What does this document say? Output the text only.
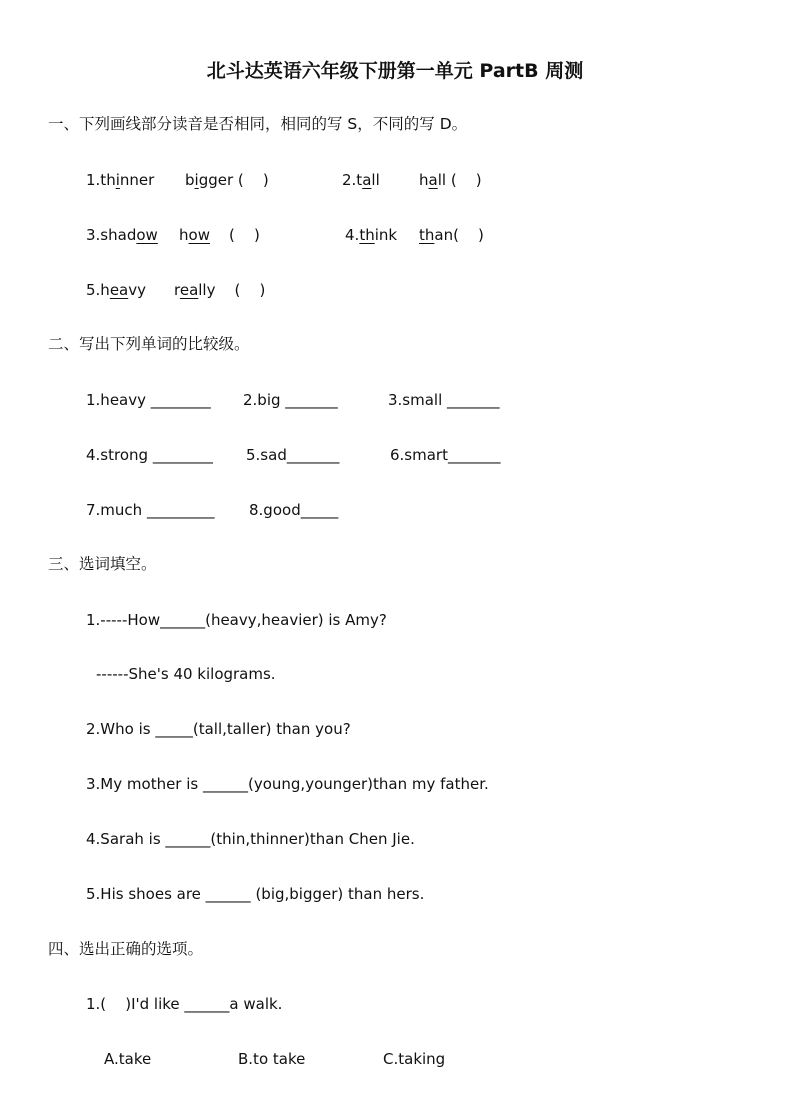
北斗达英语六年级下册第一单元 PartB 周测
一、下列画线部分读音是否相同，相同的写 S，不同的写 D。
1.thinner bigger (    )	2.tall	hall (    )
3.shadow how    (    )	4.think than(    )
5.heavy really    (    )
二、写出下列单词的比较级。
1.heavy ________ 2.big _______	3.small _______
4.strong ________ 5.sad_______	6.smart_______
7.much _________ 8.good_____
三、选词填空。
1.-----How______(heavy,heavier) is Amy?
------She's 40 kilograms.
2.Who is _____(tall,taller) than you?
3.My mother is ______(young,younger)than my father.
4.Sarah is ______(thin,thinner)than Chen Jie.
5.His shoes are ______ (big,bigger) than hers.
四、选出正确的选项。
1.(    )I'd like ______a walk.
A.take	B.to take	C.taking
